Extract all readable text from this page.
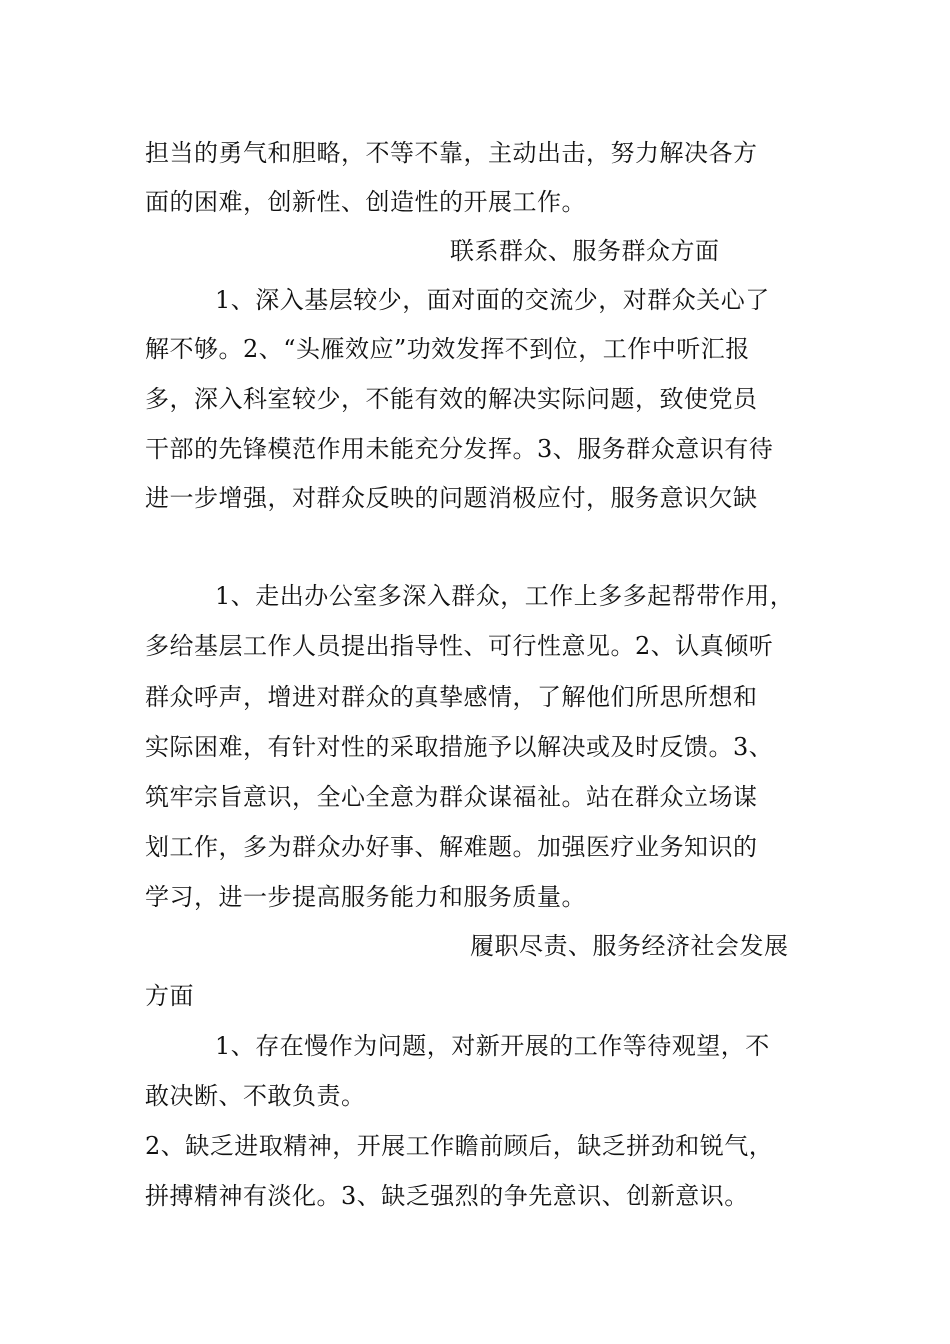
担当的勇气和胆略，不等不靠，主动出击，努力解决各方
面的困难，创新性、创造性的开展工作。
联系群众、服务群众方面
1、深入基层较少，面对面的交流少，对群众关心了
解不够。2、“头雁效应”功效发挥不到位，工作中听汇报
多，深入科室较少，不能有效的解决实际问题，致使党员
干部的先锋模范作用未能充分发挥。3、服务群众意识有待
进一步增强，对群众反映的问题消极应付，服务意识欠缺
1、走出办公室多深入群众，工作上多多起帮带作用，
多给基层工作人员提出指导性、可行性意见。2、认真倾听
群众呼声，增进对群众的真挚感情，了解他们所思所想和
实际困难，有针对性的采取措施予以解决或及时反馈。3、
筑牢宗旨意识，全心全意为群众谋福祉。站在群众立场谋
划工作，多为群众办好事、解难题。加强医疗业务知识的
学习，进一步提高服务能力和服务质量。
履职尽责、服务经济社会发展
方面
1、存在慢作为问题，对新开展的工作等待观望，不
敢决断、不敢负责。
2、缺乏进取精神，开展工作瞻前顾后，缺乏拼劲和锐气，
拼搏精神有淡化。3、缺乏强烈的争先意识、创新意识。
